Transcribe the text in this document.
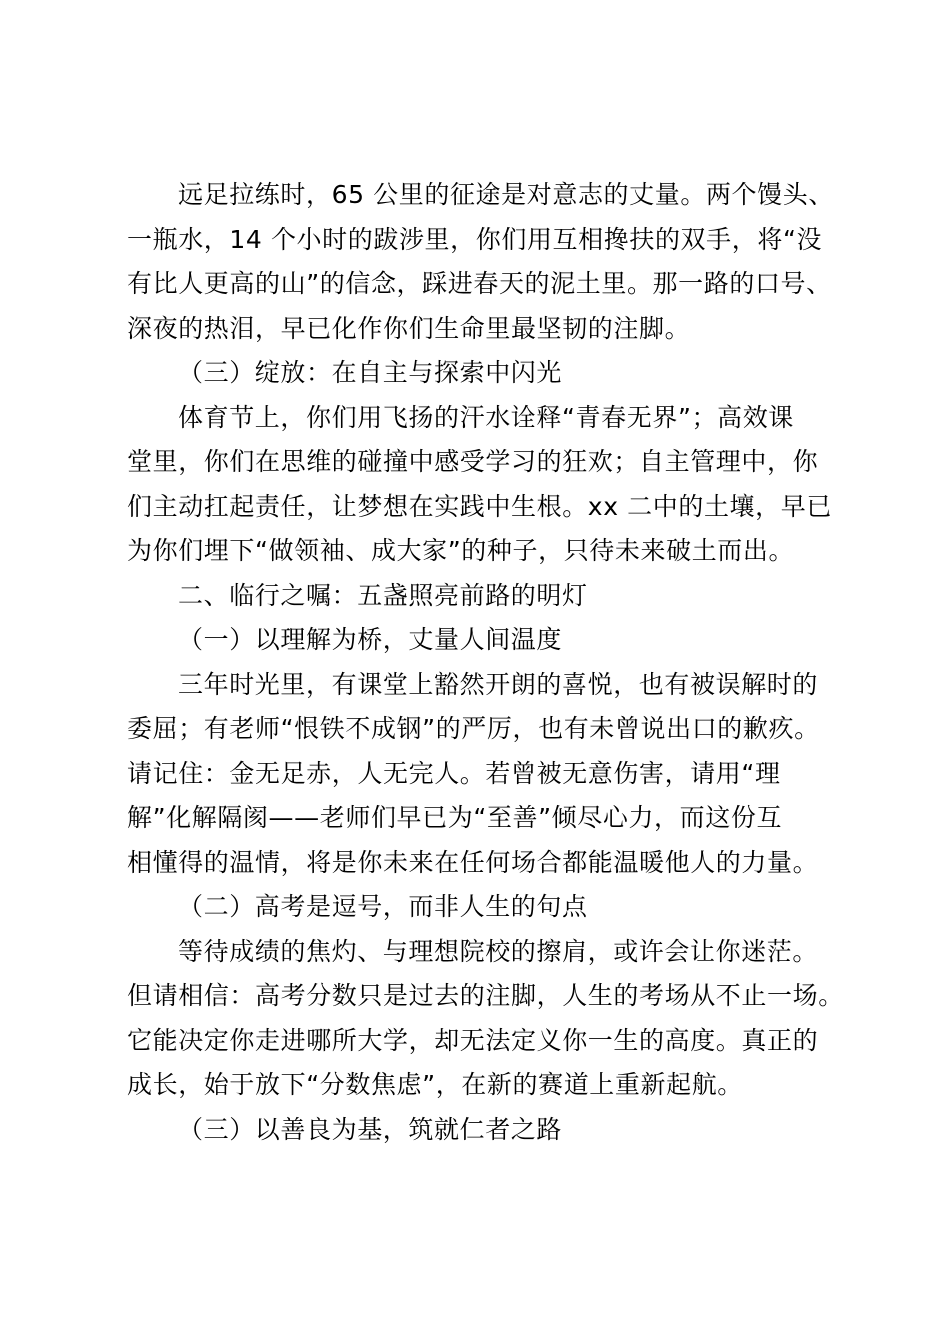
远足拉练时，65 公里的征途是对意志的丈量。两个馒头、
一瓶水，14 个小时的跋涉里，你们用互相搀扶的双手，将“没
有比人更高的山”的信念，踩进春天的泥土里。那一路的口号、
深夜的热泪，早已化作你们生命里最坚韧的注脚。
（三）绽放：在自主与探索中闪光
体育节上，你们用飞扬的汗水诠释“青春无界”；高效课
堂里，你们在思维的碰撞中感受学习的狂欢；自主管理中，你
们主动扛起责任，让梦想在实践中生根。xx 二中的土壤，早已
为你们埋下“做领袖、成大家”的种子，只待未来破土而出。
二、临行之嘱：五盏照亮前路的明灯
（一）以理解为桥，丈量人间温度
三年时光里，有课堂上豁然开朗的喜悦，也有被误解时的
委屈；有老师“恨铁不成钢”的严厉，也有未曾说出口的歉疚。
请记住：金无足赤，人无完人。若曾被无意伤害，请用“理
解”化解隔阂——老师们早已为“至善”倾尽心力，而这份互
相懂得的温情，将是你未来在任何场合都能温暖他人的力量。
（二）高考是逗号，而非人生的句点
等待成绩的焦灼、与理想院校的擦肩，或许会让你迷茫。
但请相信：高考分数只是过去的注脚，人生的考场从不止一场。
它能决定你走进哪所大学，却无法定义你一生的高度。真正的
成长，始于放下“分数焦虑”，在新的赛道上重新起航。
（三）以善良为基，筑就仁者之路
